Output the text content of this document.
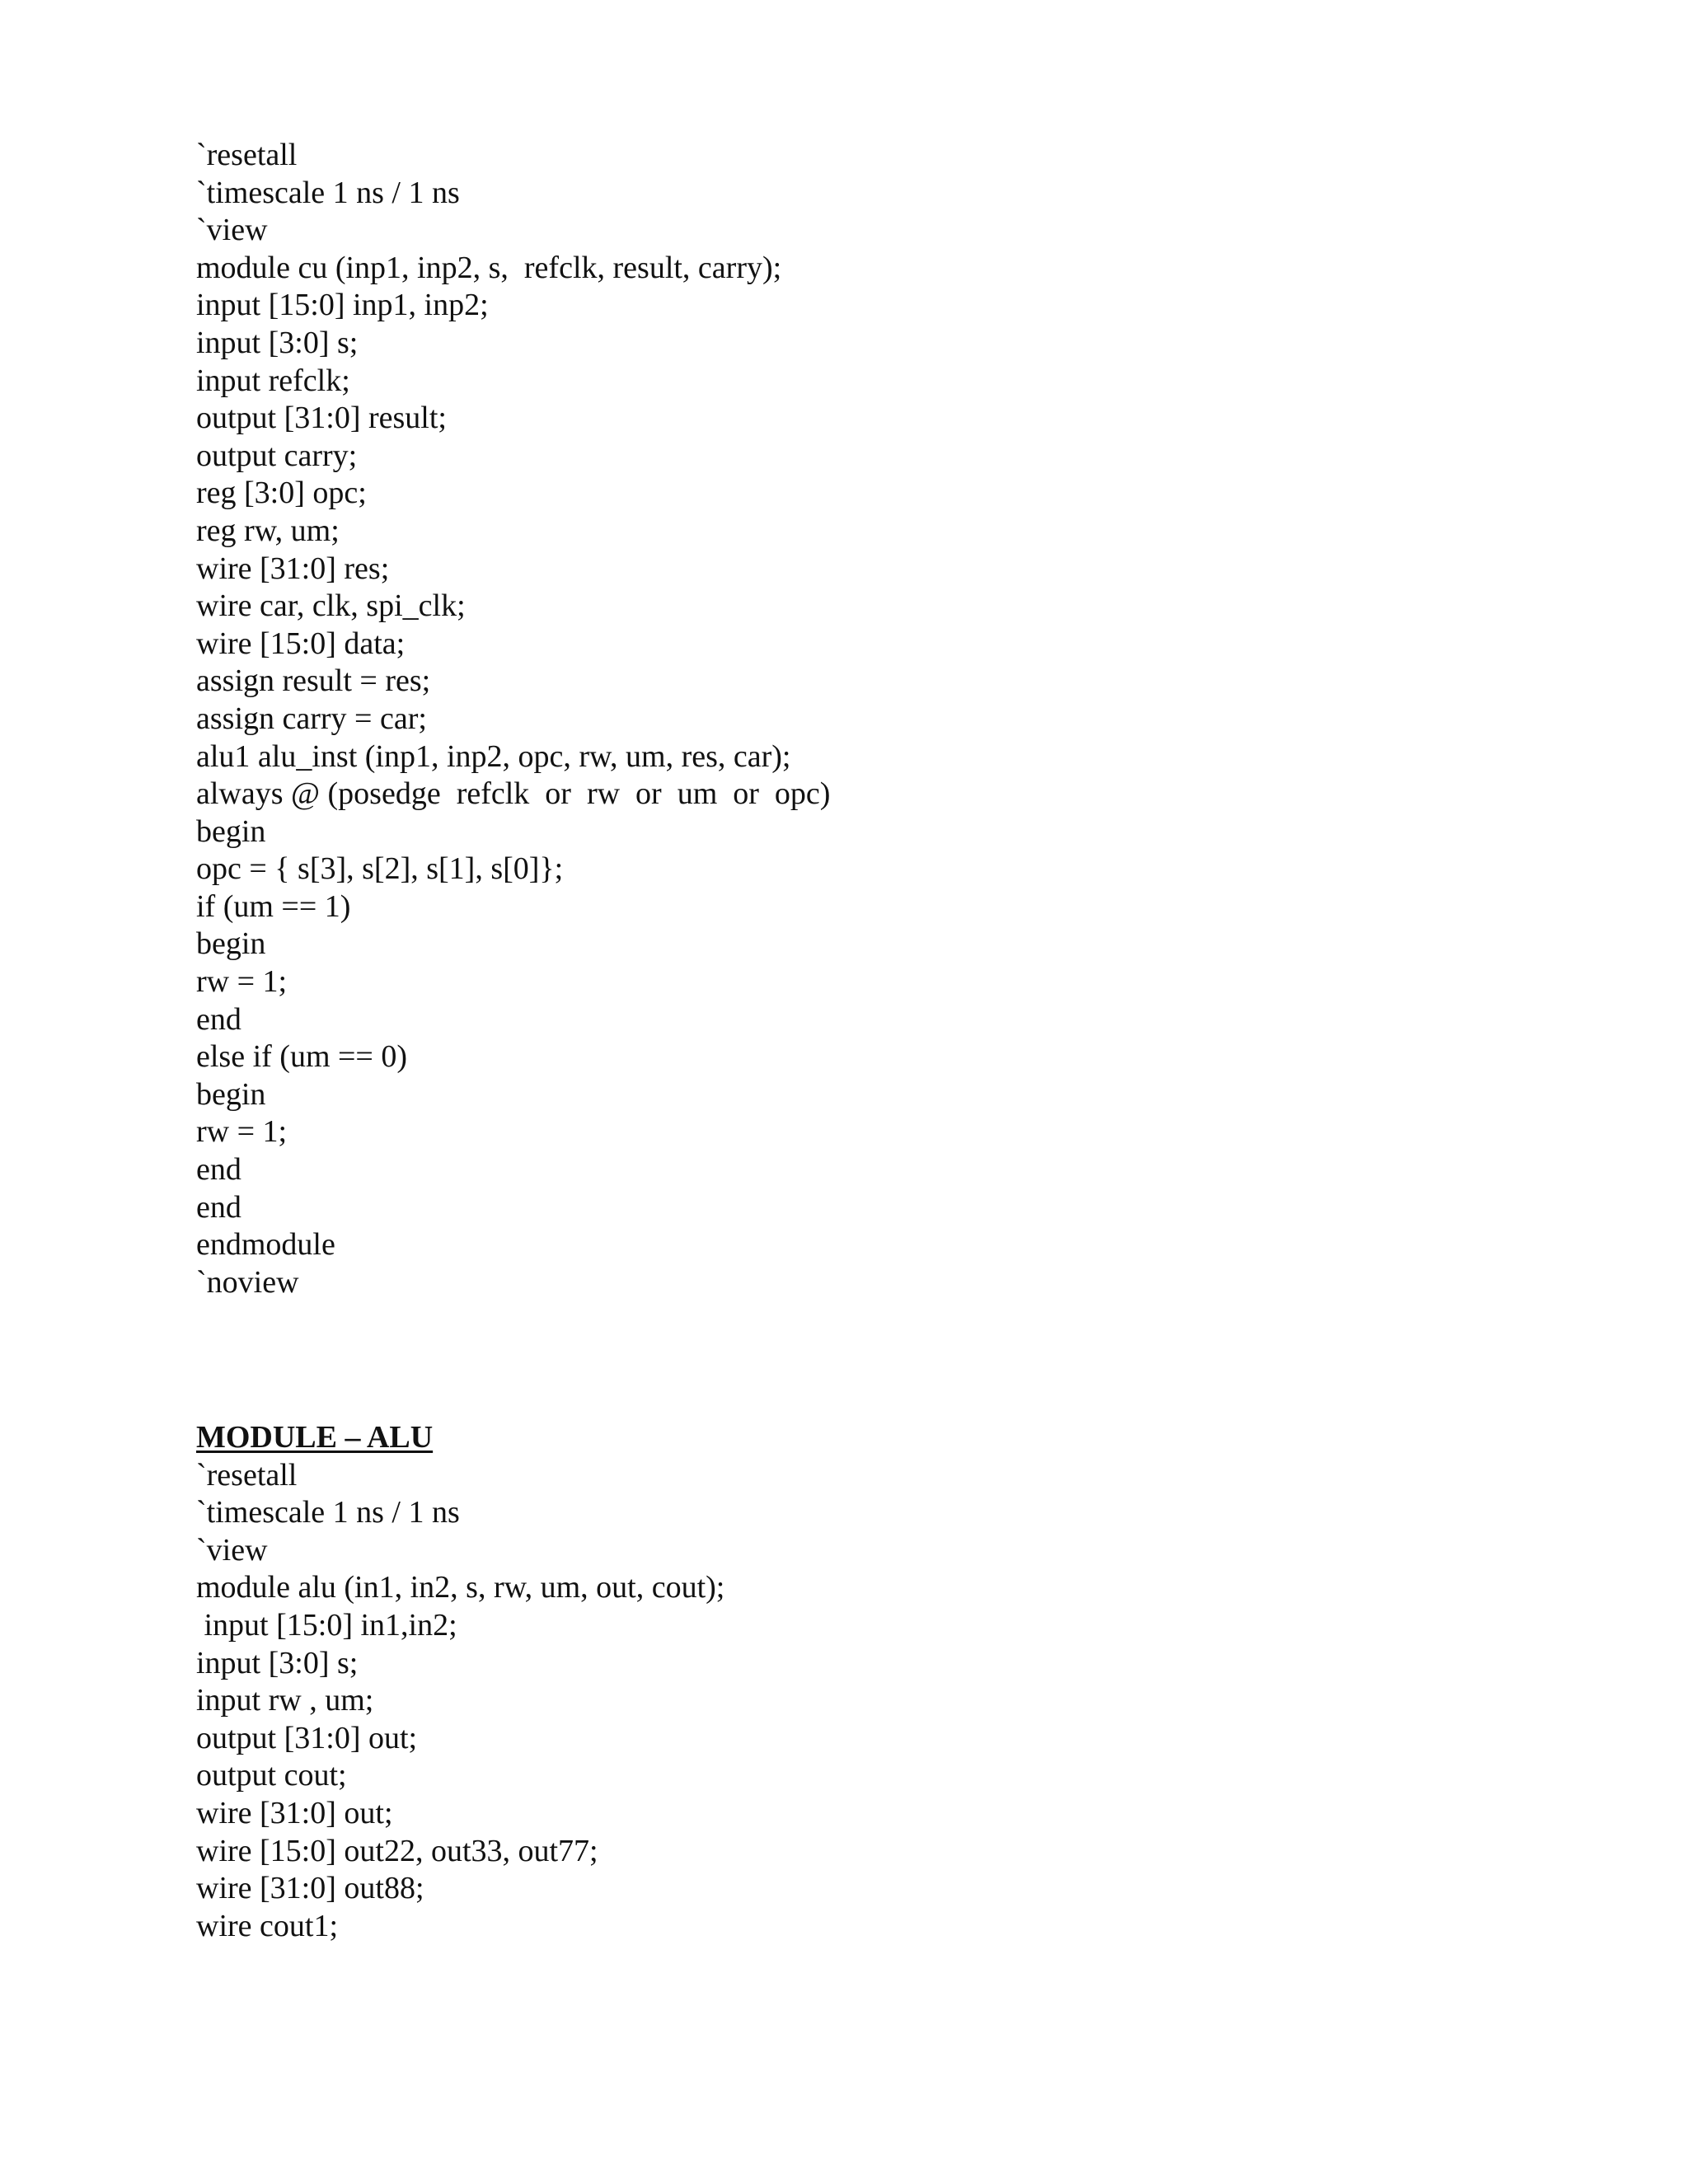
`resetall
`timescale 1 ns / 1 ns
`view
module cu (inp1, inp2, s,  refclk, result, carry);
input [15:0] inp1, inp2;
input [3:0] s;
input refclk;
output [31:0] result;
output carry;
reg [3:0] opc;
reg rw, um;
wire [31:0] res;
wire car, clk, spi_clk;
wire [15:0] data;
assign result = res;
assign carry = car;
alu1 alu_inst (inp1, inp2, opc, rw, um, res, car);
always @ (posedge  refclk  or  rw  or  um  or  opc)
begin
opc = { s[3], s[2], s[1], s[0]};
if (um == 1)
begin
rw = 1;
end
else if (um == 0)
begin
rw = 1;
end
end
endmodule
`noview
MODULE – ALU
`resetall
`timescale 1 ns / 1 ns
`view
module alu (in1, in2, s, rw, um, out, cout);
input [15:0] in1,in2;
input [3:0] s;
input rw , um;
output [31:0] out;
output cout;
wire [31:0] out;
wire [15:0] out22, out33, out77;
wire [31:0] out88;
wire cout1;
